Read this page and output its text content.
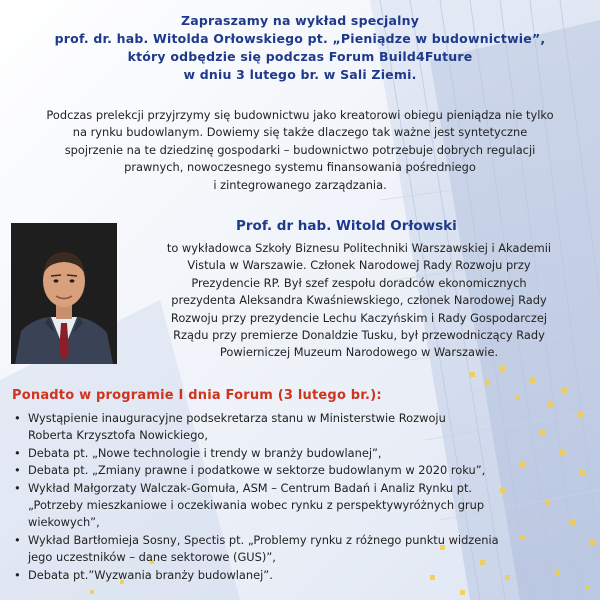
Zapraszamy na wykład specjalny
prof. dr. hab. Witolda Orłowskiego pt. „Pieniądze w budownictwie”,
który odbędzie się podczas Forum Build4Future
w dniu 3 lutego br. w Sali Ziemi.
Podczas prelekcji przyjrzymy się budownictwu jako kreatorowi obiegu pieniądza nie tylko
na rynku budowlanym. Dowiemy się także dlaczego tak ważne jest syntetyczne
spojrzenie na te dziedzinę gospodarki – budownictwo potrzebuje dobrych regulacji
prawnych, nowoczesnego systemu finansowania pośredniego
i zintegrowanego zarządzania.
Prof. dr hab. Witold Orłowski
to wykładowca Szkoły Biznesu Politechniki Warszawskiej i Akademii
Vistula w Warszawie. Członek Narodowej Rady Rozwoju przy
Prezydencie RP. Był szef zespołu doradców ekonomicznych
prezydenta Aleksandra Kwaśniewskiego, członek Narodowej Rady
Rozwoju przy prezydencie Lechu Kaczyńskim i Rady Gospodarczej
Rządu przy premierze Donaldzie Tusku, był przewodniczący Rady
Powierniczej Muzeum Narodowego w Warszawie.
Ponadto w programie I dnia Forum (3 lutego br.):
• Wystąpienie inauguracyjne podsekretarza stanu w Ministerstwie Rozwoju
Roberta Krzysztofa Nowickiego,
• Debata pt. „Nowe technologie i trendy w branży budowlanej”,
• Debata pt. „Zmiany prawne i podatkowe w sektorze budowlanym w 2020 roku”,
• Wykład Małgorzaty Walczak-Gomuła, ASM – Centrum Badań i Analiz Rynku pt.
„Potrzeby mieszkaniowe i oczekiwania wobec rynku z perspektywyróżnych grup
wiekowych”,
• Wykład Bartłomieja Sosny, Spectis pt. „Problemy rynku z różnego punktu widzenia
jego uczestników – dane sektorowe (GUS)”,
• Debata pt.”Wyzwania branży budowlanej”.
